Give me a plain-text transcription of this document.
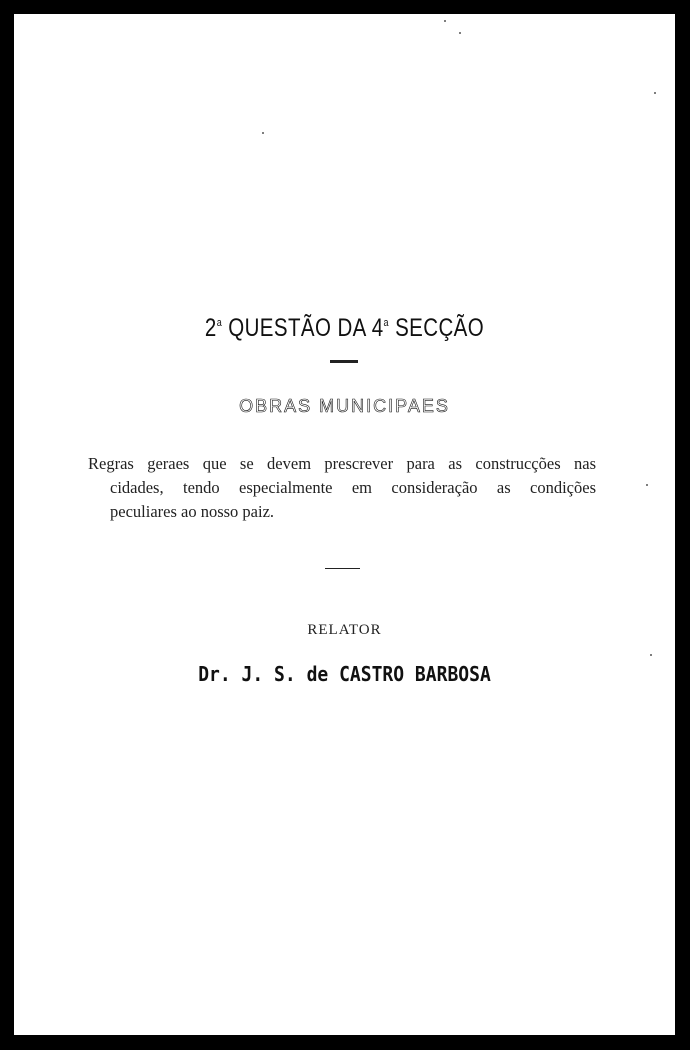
2$^a$ QUESTÃO DA 4$^a$ SECÇÃO
OBRAS MUNICIPAES
Regras geraes que se devem prescrever para as construcções nas
cidades, tendo especialmente em consideração as condições
peculiares ao nosso paiz.
RELATOR
Dr. J. S. de CASTRO BARBOSA
